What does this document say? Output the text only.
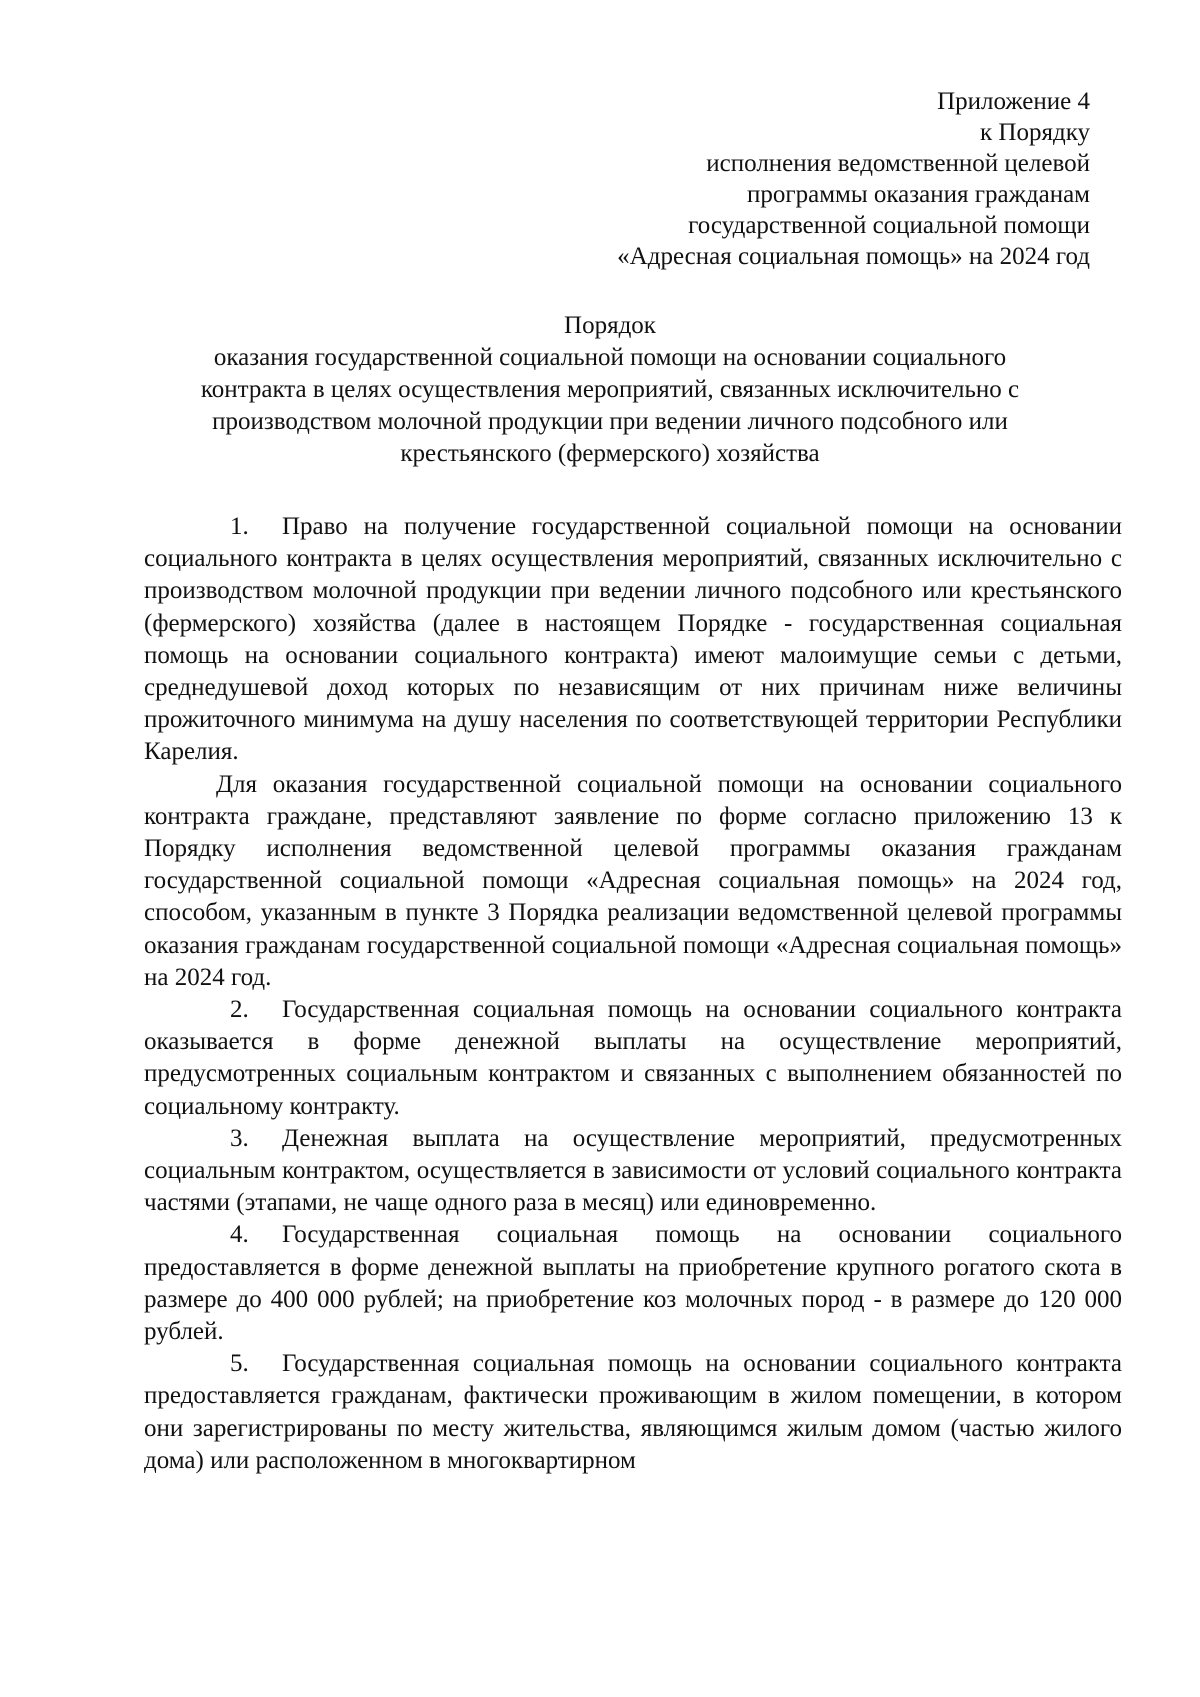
Приложение 4
к Порядку
исполнения ведомственной целевой
программы оказания гражданам
государственной социальной помощи
«Адресная социальная помощь» на 2024 год
Порядок
оказания государственной социальной помощи на основании социального контракта в целях осуществления мероприятий, связанных исключительно с производством молочной продукции при ведении личного подсобного или крестьянского (фермерского) хозяйства

1. Право на получение государственной социальной помощи на основании социального контракта в целях осуществления мероприятий, связанных исключительно с производством молочной продукции при ведении личного подсобного или крестьянского (фермерского) хозяйства (далее в настоящем Порядке - государственная социальная помощь на основании социального контракта) имеют малоимущие семьи с детьми, среднедушевой доход которых по независящим от них причинам ниже величины прожиточного минимума на душу населения по соответствующей территории Республики Карелия.

Для оказания государственной социальной помощи на основании социального контракта граждане, представляют заявление по форме согласно приложению 13 к Порядку исполнения ведомственной целевой программы оказания гражданам государственной социальной помощи «Адресная социальная помощь» на 2024 год, способом, указанным в пункте 3 Порядка реализации ведомственной целевой программы оказания гражданам государственной социальной помощи «Адресная социальная помощь» на 2024 год.

2. Государственная социальная помощь на основании социального контракта оказывается в форме денежной выплаты на осуществление мероприятий, предусмотренных социальным контрактом и связанных с выполнением обязанностей по социальному контракту.

3. Денежная выплата на осуществление мероприятий, предусмотренных социальным контрактом, осуществляется в зависимости от условий социального контракта частями (этапами, не чаще одного раза в месяц) или единовременно.

4. Государственная социальная помощь на основании социального предоставляется в форме денежной выплаты на приобретение крупного рогатого скота в размере до 400 000 рублей; на приобретение коз молочных пород - в размере до 120 000 рублей.

5. Государственная социальная помощь на основании социального контракта предоставляется гражданам, фактически проживающим в жилом помещении, в котором они зарегистрированы по месту жительства, являющимся жилым домом (частью жилого дома) или расположенном в многоквартирном
